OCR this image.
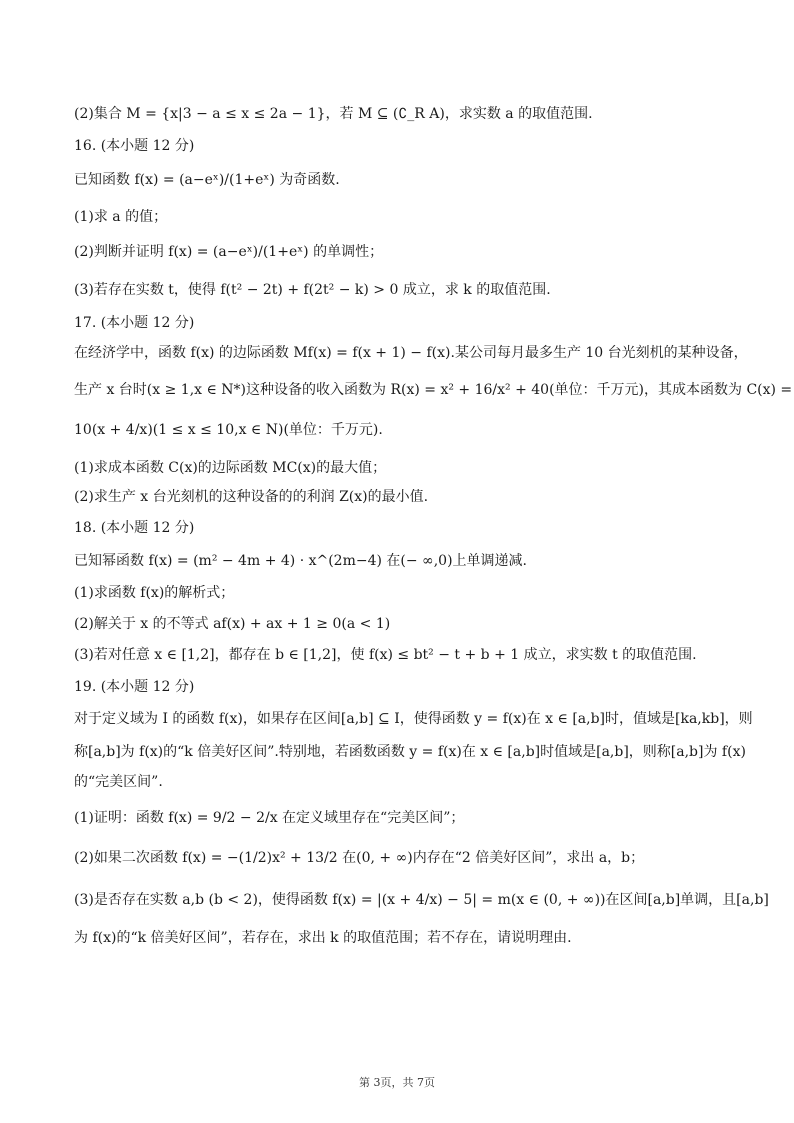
(2)集合 M = {x|3 − a ≤ x ≤ 2a − 1}，若 M ⊆ (∁_R A)，求实数 a 的取值范围.
16. (本小题 12 分)
已知函数 f(x) = (a−eˣ)/(1+eˣ) 为奇函数.
(1)求 a 的值；
(2)判断并证明 f(x) = (a−eˣ)/(1+eˣ) 的单调性；
(3)若存在实数 t，使得 f(t² − 2t) + f(2t² − k) > 0 成立，求 k 的取值范围.
17. (本小题 12 分)
在经济学中，函数 f(x) 的边际函数 Mf(x) = f(x + 1) − f(x).某公司每月最多生产 10 台光刻机的某种设备，
生产 x 台时(x ≥ 1,x ∈ N*)这种设备的收入函数为 R(x) = x² + 16/x² + 40(单位：千万元)，其成本函数为 C(x) =
10(x + 4/x)(1 ≤ x ≤ 10,x ∈ N)(单位：千万元).
(1)求成本函数 C(x)的边际函数 MC(x)的最大值；
(2)求生产 x 台光刻机的这种设备的的利润 Z(x)的最小值.
18. (本小题 12 分)
已知幂函数 f(x) = (m² − 4m + 4) · x^(2m−4) 在(− ∞,0)上单调递减.
(1)求函数 f(x)的解析式；
(2)解关于 x 的不等式 af(x) + ax + 1 ≥ 0(a < 1)
(3)若对任意 x ∈ [1,2]，都存在 b ∈ [1,2]，使 f(x) ≤ bt² − t + b + 1 成立，求实数 t 的取值范围.
19. (本小题 12 分)
对于定义域为 I 的函数 f(x)，如果存在区间[a,b] ⊆ I，使得函数 y = f(x)在 x ∈ [a,b]时，值域是[ka,kb]，则
称[a,b]为 f(x)的“k 倍美好区间”.特别地，若函数函数 y = f(x)在 x ∈ [a,b]时值域是[a,b]，则称[a,b]为 f(x)
的“完美区间”.
(1)证明：函数 f(x) = 9/2 − 2/x 在定义域里存在“完美区间”；
(2)如果二次函数 f(x) = −(1/2)x² + 13/2 在(0, + ∞)内存在“2 倍美好区间”，求出 a，b；
(3)是否存在实数 a,b (b < 2)，使得函数 f(x) = |(x + 4/x) − 5| = m(x ∈ (0, + ∞))在区间[a,b]单调，且[a,b]
为 f(x)的“k 倍美好区间”，若存在，求出 k 的取值范围；若不存在，请说明理由.
第 3页，共 7页
